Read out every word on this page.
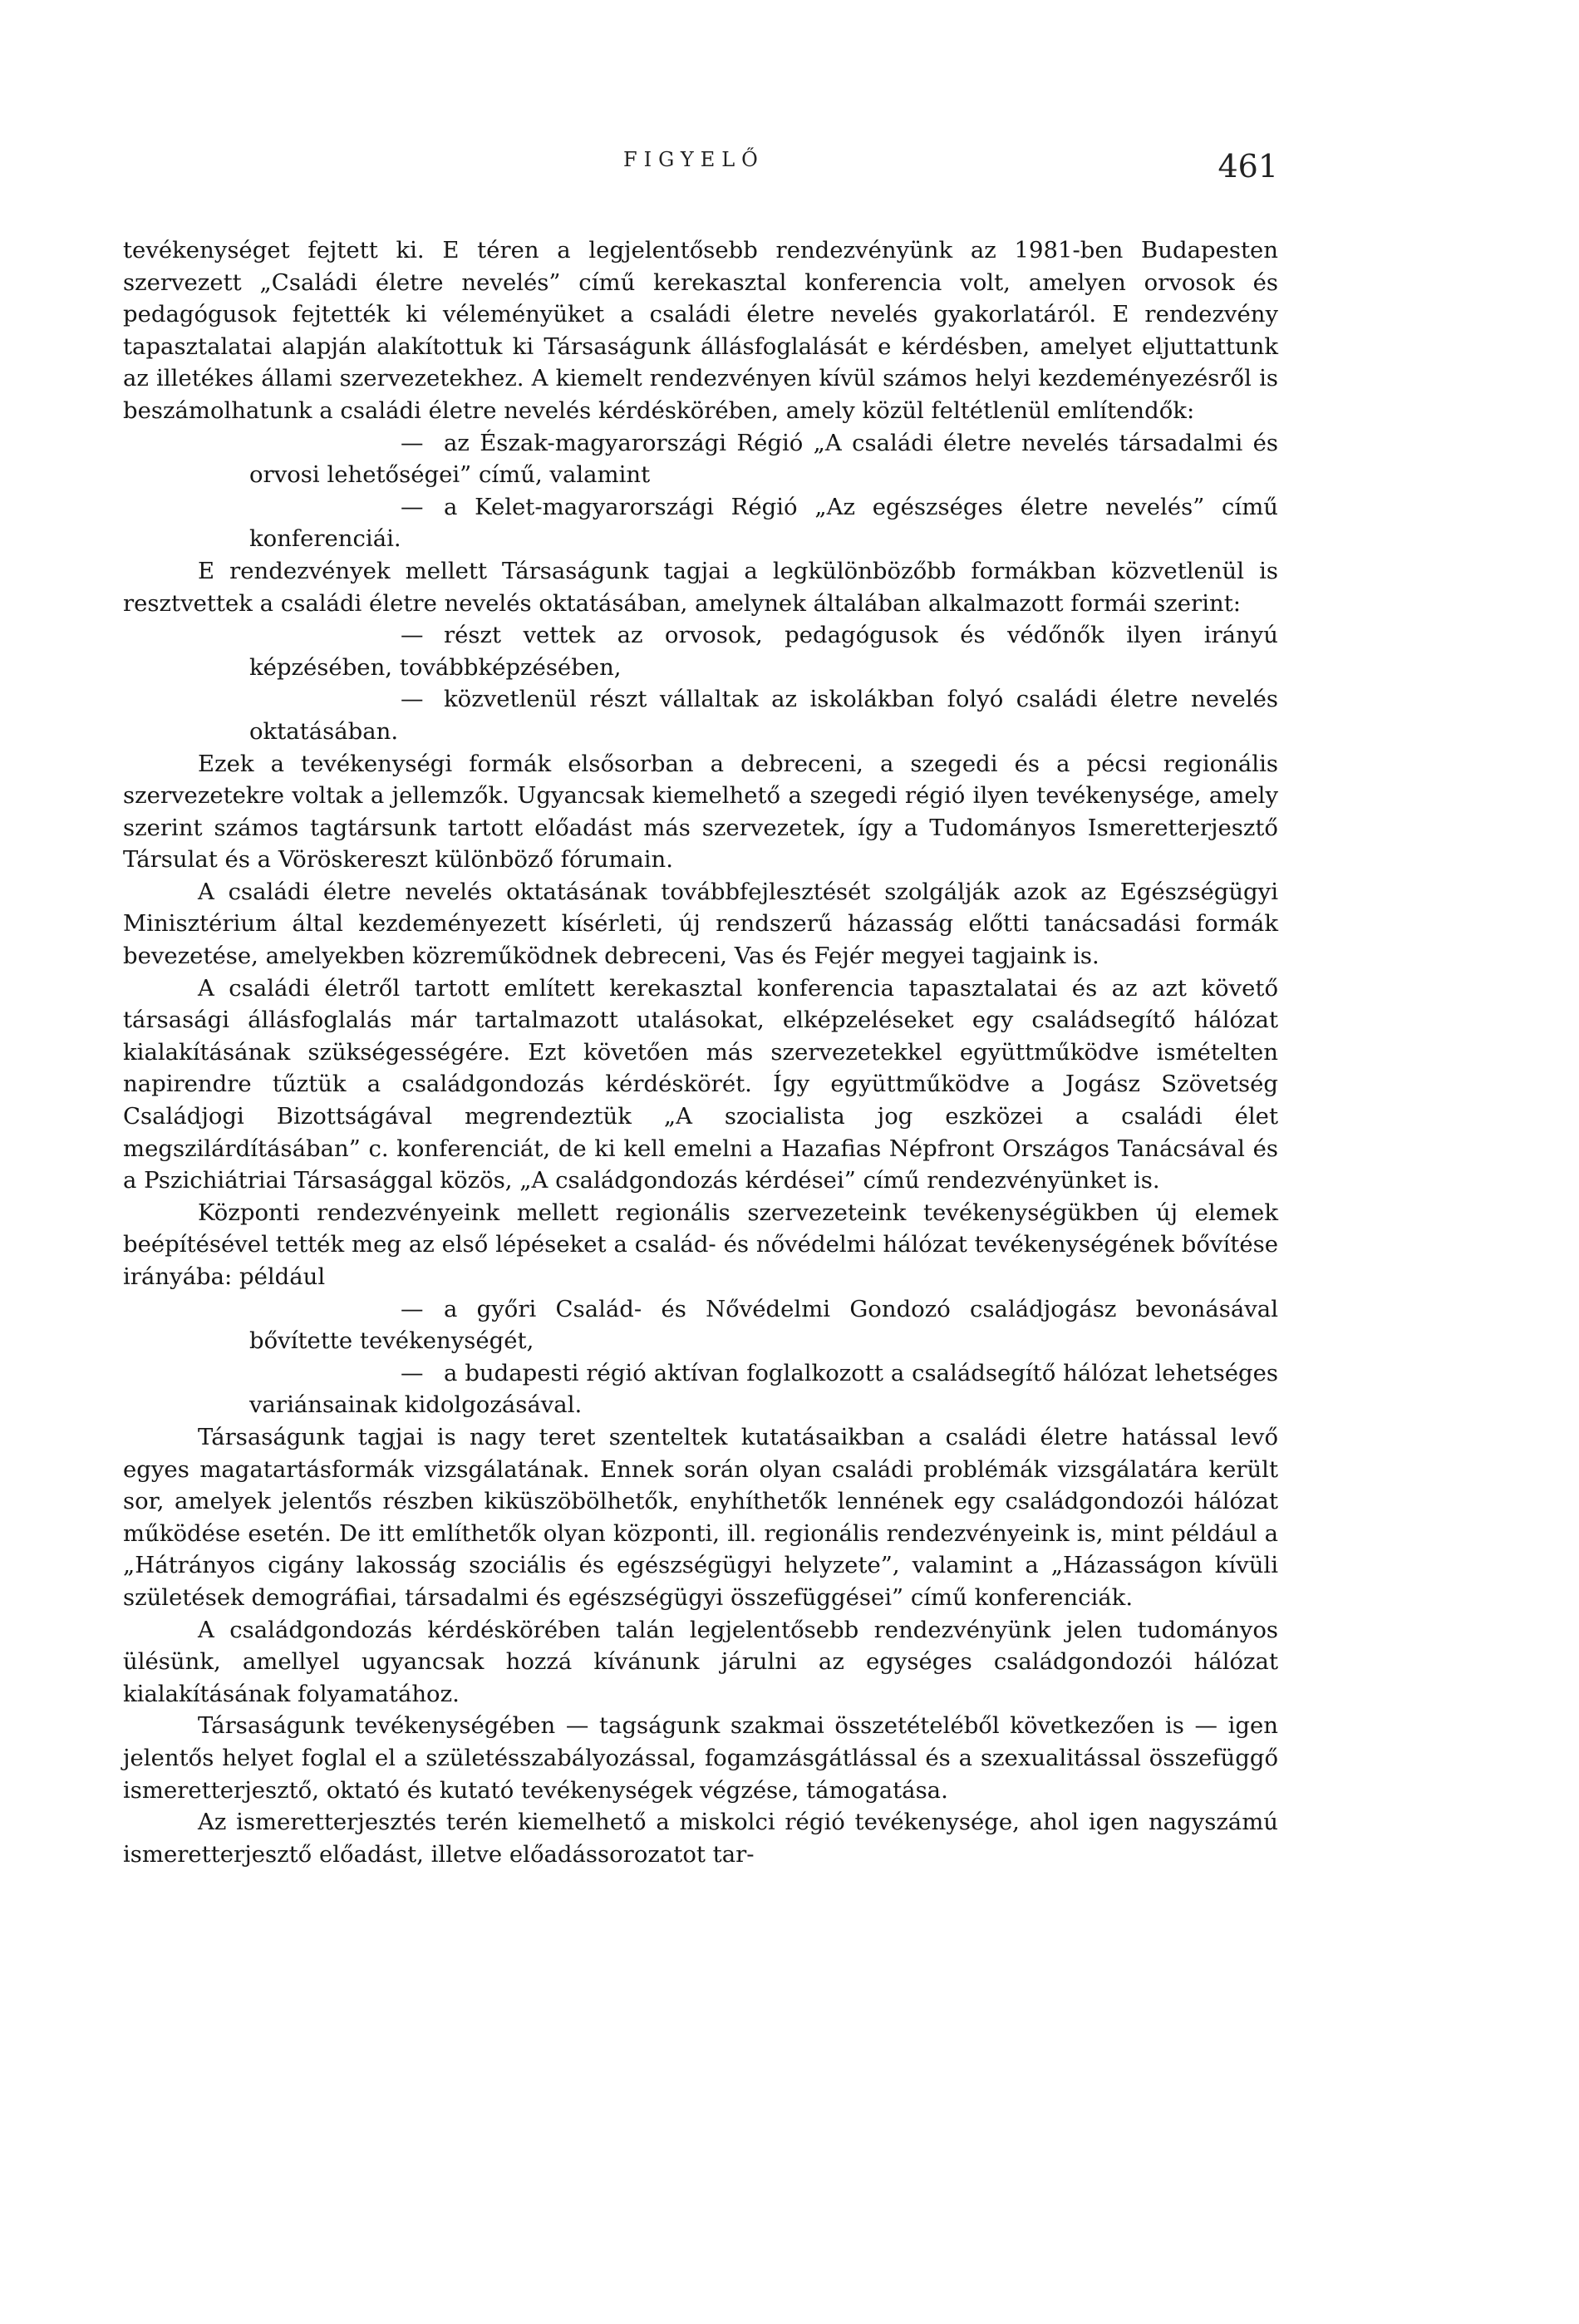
FIGYELŐ	461

tevékenységet fejtett ki. E téren a legjelentősebb rendezvényünk az 1981-ben Budapesten szervezett „Családi életre nevelés” című kerekasztal konferencia volt, amelyen orvosok és pedagógusok fejtették ki véleményüket a családi életre nevelés gyakorlatáról. E rendezvény tapasztalatai alapján alakítottuk ki Társaságunk állásfoglalását e kérdésben, amelyet eljuttattunk az illetékes állami szervezetekhez. A kiemelt rendezvényen kívül számos helyi kezdeményezésről is beszámolhatunk a családi életre nevelés kérdéskörében, amely közül feltétlenül említendők:

— az Észak-magyarországi Régió „A családi életre nevelés társadalmi és orvosi lehetőségei” című, valamint

— a Kelet-magyarországi Régió „Az egészséges életre nevelés” című konferenciái.

E rendezvények mellett Társaságunk tagjai a legkülönbözőbb formákban közvetlenül is resztvettek a családi életre nevelés oktatásában, amelynek általában alkalmazott formái szerint:

— részt vettek az orvosok, pedagógusok és védőnők ilyen irányú képzésében, továbbképzésében,

— közvetlenül részt vállaltak az iskolákban folyó családi életre nevelés oktatásában.

Ezek a tevékenységi formák elsősorban a debreceni, a szegedi és a pécsi regionális szervezetekre voltak a jellemzők. Ugyancsak kiemelhető a szegedi régió ilyen tevékenysége, amely szerint számos tagtársunk tartott előadást más szervezetek, így a Tudományos Ismeretterjesztő Társulat és a Vöröskereszt különböző fórumain.

A családi életre nevelés oktatásának továbbfejlesztését szolgálják azok az Egészségügyi Minisztérium által kezdeményezett kísérleti, új rendszerű házasság előtti tanácsadási formák bevezetése, amelyekben közreműködnek debreceni, Vas és Fejér megyei tagjaink is.

A családi életről tartott említett kerekasztal konferencia tapasztalatai és az azt követő társasági állásfoglalás már tartalmazott utalásokat, elképzeléseket egy családsegítő hálózat kialakításának szükségességére. Ezt követően más szervezetekkel együttműködve ismételten napirendre tűztük a családgondozás kérdéskörét. Így együttműködve a Jogász Szövetség Családjogi Bizottságával megrendeztük „A szocialista jog eszközei a családi élet megszilárdításában” c. konferenciát, de ki kell emelni a Hazafias Népfront Országos Tanácsával és a Pszichiátriai Társasággal közös, „A családgondozás kérdései” című rendezvényünket is.

Központi rendezvényeink mellett regionális szervezeteink tevékenységükben új elemek beépítésével tették meg az első lépéseket a család- és nővédelmi hálózat tevékenységének bővítése irányába: például

— a győri Család- és Nővédelmi Gondozó családjogász bevonásával bővítette tevékenységét,

— a budapesti régió aktívan foglalkozott a családsegítő hálózat lehetséges variánsainak kidolgozásával.

Társaságunk tagjai is nagy teret szenteltek kutatásaikban a családi életre hatással levő egyes magatartásformák vizsgálatának. Ennek során olyan családi problémák vizsgálatára került sor, amelyek jelentős részben kiküszöbölhetők, enyhíthetők lennének egy családgondozói hálózat működése esetén. De itt említhetők olyan központi, ill. regionális rendezvényeink is, mint például a „Hátrányos cigány lakosság szociális és egészségügyi helyzete”, valamint a „Házasságon kívüli születések demográfiai, társadalmi és egészségügyi összefüggései” című konferenciák.

A családgondozás kérdéskörében talán legjelentősebb rendezvényünk jelen tudományos ülésünk, amellyel ugyancsak hozzá kívánunk járulni az egységes családgondozói hálózat kialakításának folyamatához.

Társaságunk tevékenységében — tagságunk szakmai összetételéből következően is — igen jelentős helyet foglal el a születésszabályozással, fogamzásgátlással és a szexualitással összefüggő ismeretterjesztő, oktató és kutató tevékenységek végzése, támogatása.

Az ismeretterjesztés terén kiemelhető a miskolci régió tevékenysége, ahol igen nagyszámú ismeretterjesztő előadást, illetve előadássorozatot tar-
